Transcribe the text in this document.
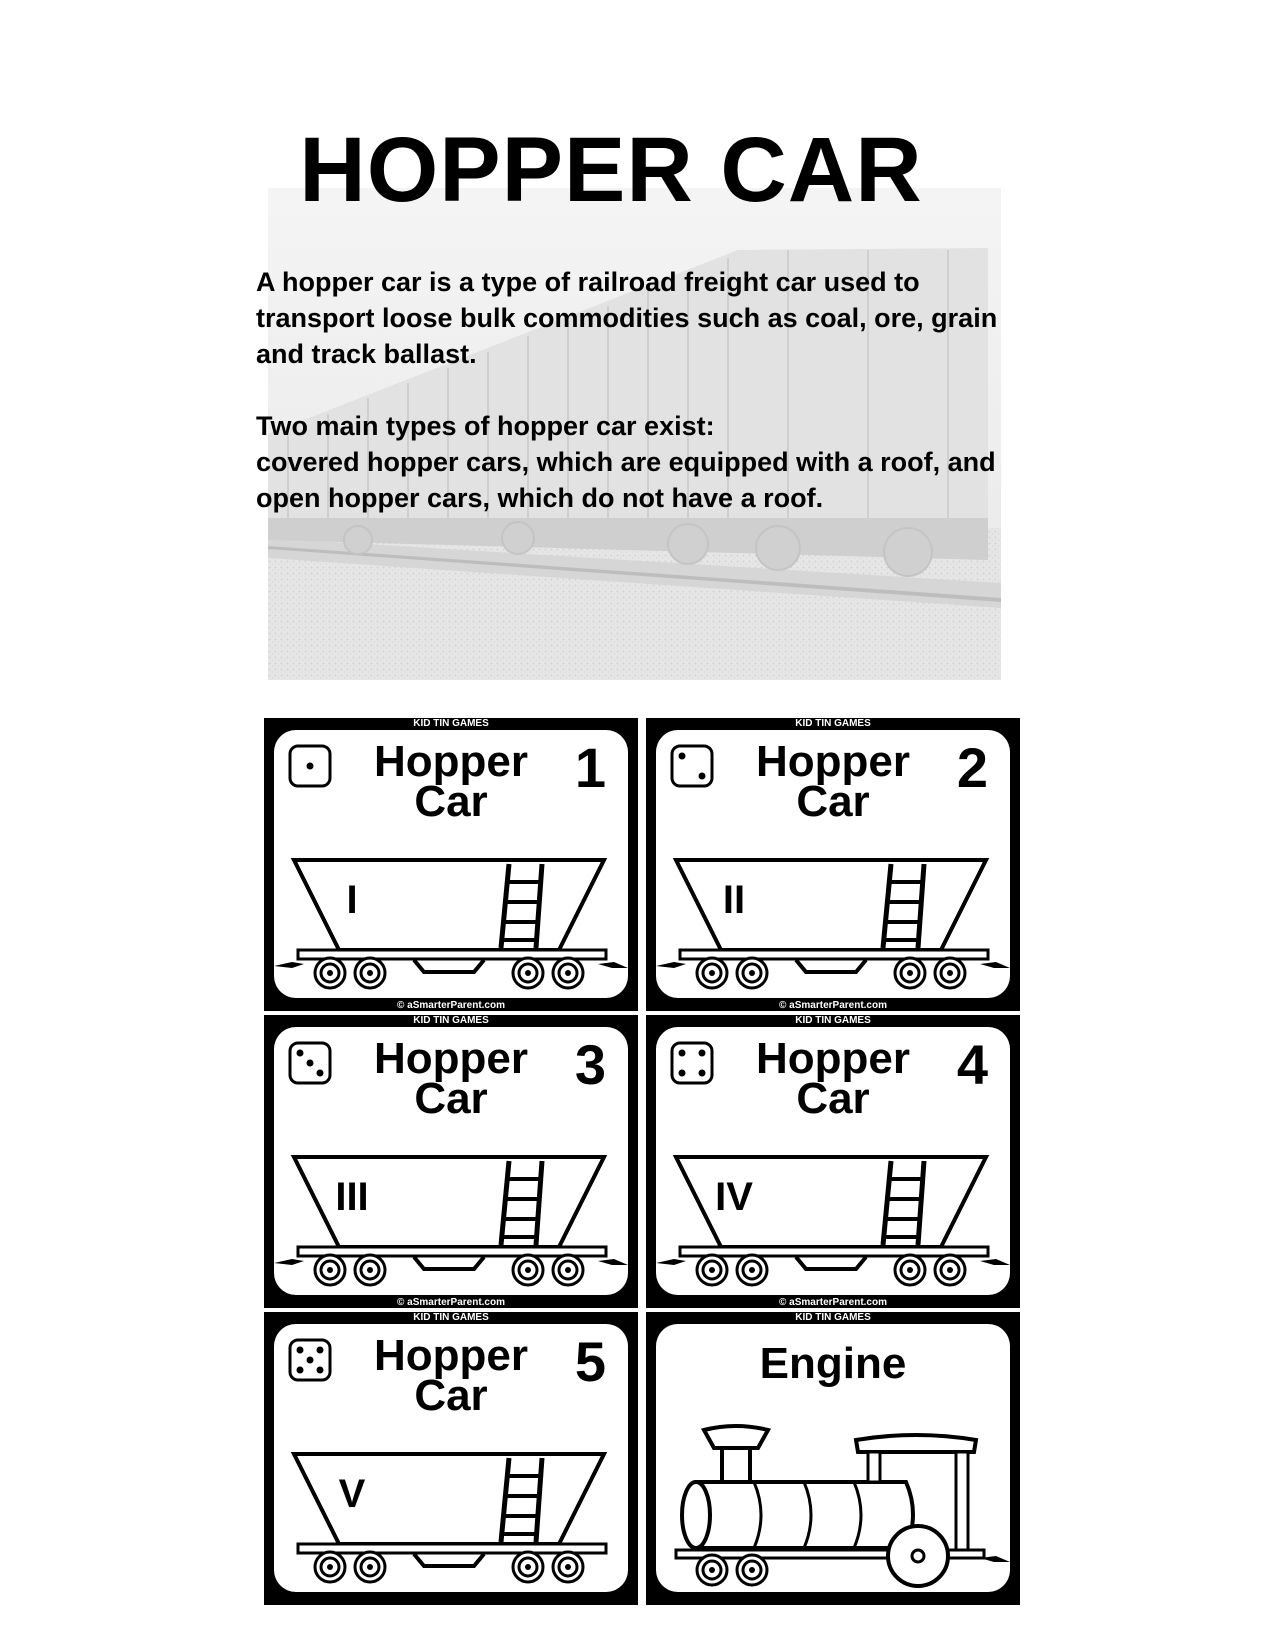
HOPPER CAR

A hopper car is a type of railroad freight car used to transport loose bulk commodities such as coal, ore, grain and track ballast.

Two main types of hopper car exist:

covered hopper cars, which are equipped with a roof, and open hopper cars, which do not have a roof.

KID TIN GAMES
Hopper
Car
1
I
© aSmarterParent.com
KID TIN GAMES
Hopper
Car
2
II
© aSmarterParent.com
KID TIN GAMES
Hopper
Car
3
III
© aSmarterParent.com
KID TIN GAMES
Hopper
Car
4
IV
© aSmarterParent.com
KID TIN GAMES
Hopper
Car
5
V
KID TIN GAMES
Engine
